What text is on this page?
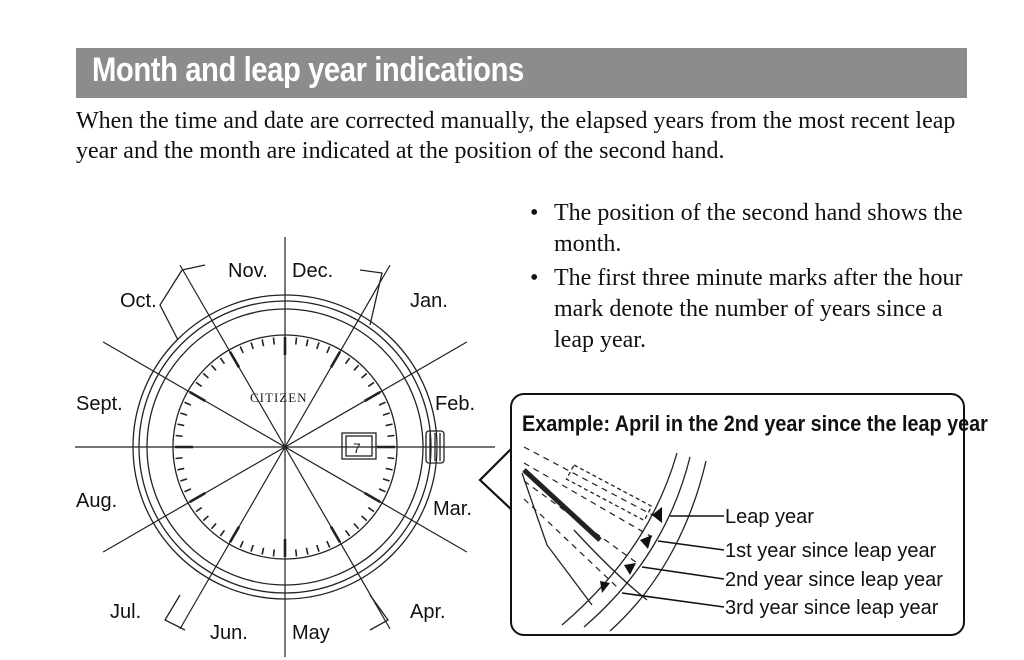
Month and leap year indications
When the time and date are corrected manually, the elapsed years from the most recent leap year and the month are indicated at the position of the second hand.
• The position of the second hand shows the month.
• The first three minute marks after the hour mark denote the number of years since a leap year.
CITIZEN
7
Jan.
Feb.
Mar.
Apr.
May
Jun.
Jul.
Aug.
Sept.
Oct.
Nov. Dec.
Example: April in the 2nd year since the leap year
Leap year
1st year since leap year
2nd year since leap year
3rd year since leap year
